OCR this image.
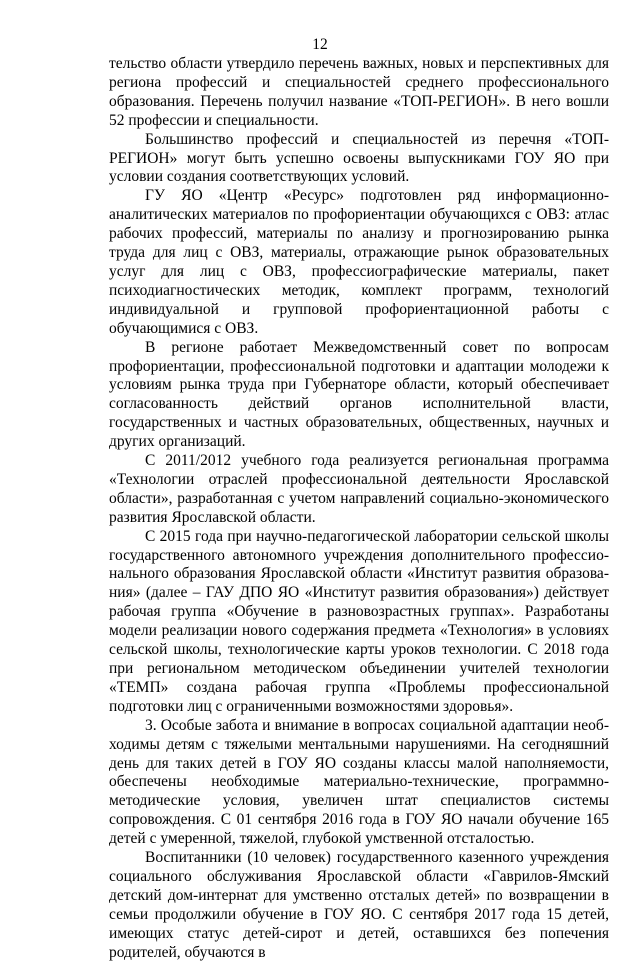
12

тельство области утвердило перечень важных, новых и перспективных для региона профессий и специальностей среднего профессионального образования. Перечень получил название «ТОП-РЕГИОН». В него вошли 52 профессии и специальности.

Большинство профессий и специальностей из перечня «ТОП-РЕГИОН» могут быть успешно освоены выпускниками ГОУ ЯО при условии создания соответствующих условий.

ГУ ЯО «Центр «Ресурс» подготовлен ряд информационно-аналитических материалов по профориентации обучающихся с ОВЗ: атлас рабочих профессий, материалы по анализу и прогнозированию рынка труда для лиц с ОВЗ, материалы, отражающие рынок образовательных услуг для лиц с ОВЗ, профессиографические материалы, пакет психодиагностических методик, комплект программ, технологий индивидуальной и групповой профориентационной работы с обучающимися с ОВЗ.

В регионе работает Межведомственный совет по вопросам профориентации, профессиональной подготовки и адаптации молодежи к условиям рынка труда при Губернаторе области, который обеспечивает согласованность действий органов исполнительной власти, государственных и частных образовательных, общественных, научных и других организаций.

С 2011/2012 учебного года реализуется региональная программа «Технологии отраслей профессиональной деятельности Ярославской области», разработанная с учетом направлений социально-экономического развития Ярославской области.

С 2015 года при научно-педагогической лаборатории сельской школы государственного автономного учреждения дополнительного профессионального образования Ярославской области «Институт развития образования» (далее – ГАУ ДПО ЯО «Институт развития образования») действует рабочая группа «Обучение в разновозрастных группах». Разработаны модели реализации нового содержания предмета «Технология» в условиях сельской школы, технологические карты уроков технологии. С 2018 года при региональном методическом объединении учителей технологии «ТЕМП» создана рабочая группа «Проблемы профессиональной подготовки лиц с ограниченными возможностями здоровья».

3. Особые забота и внимание в вопросах социальной адаптации необходимы детям с тяжелыми ментальными нарушениями. На сегодняшний день для таких детей в ГОУ ЯО созданы классы малой наполняемости, обеспечены необходимые материально-технические, программно-методические условия, увеличен штат специалистов системы сопровождения. С 01 сентября 2016 года в ГОУ ЯО начали обучение 165 детей с умеренной, тяжелой, глубокой умственной отсталостью.

Воспитанники (10 человек) государственного казенного учреждения социального обслуживания Ярославской области «Гаврилов-Ямский детский дом-интернат для умственно отсталых детей» по возвращении в семьи продолжили обучение в ГОУ ЯО. С сентября 2017 года 15 детей, имеющих статус детей-сирот и детей, оставшихся без попечения родителей, обучаются в
